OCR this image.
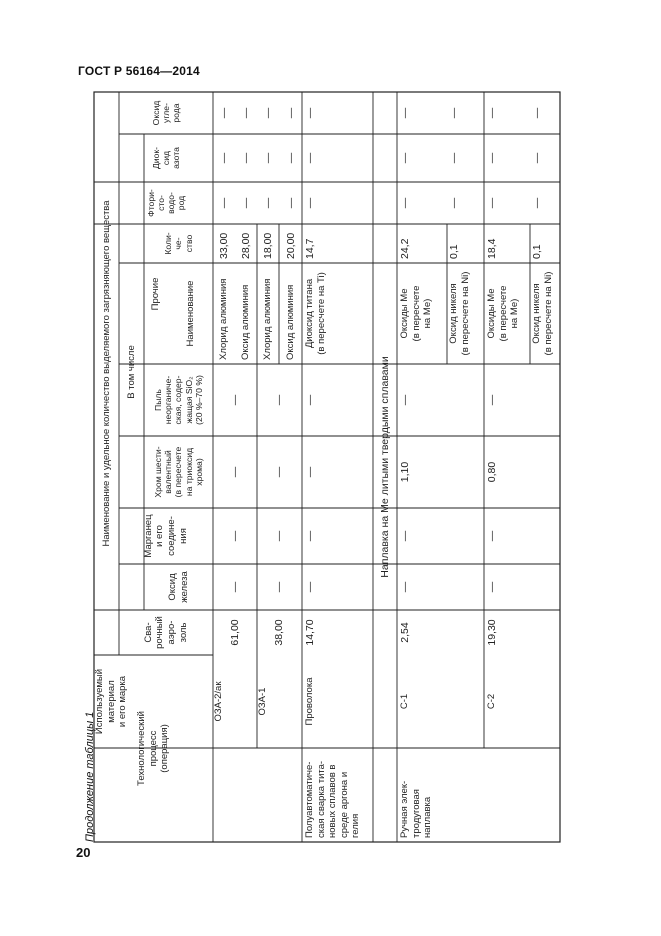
ГОСТ Р 56164—2014
20
Продолжение таблицы 1	Технологический
процесс
(операция)
Используемый
материал
и его марка
Наименование и удельное количество выделяемого загрязняющего вещества
Сва-
рочный
аэро-
золь
В том числе
Оксид
железа
Марганец
и его
соедине-
ния
Хром шести-
валентный
(в пересчете
на триоксид
хрома)
Пыль
неорганиче-
ская, содер-
жащая SiO₂
(20 %–70 %)
Прочие	Наименование
Коли-
че-
ство
Фтори-
сто-
водо-
род
Диок-
сид
азота
Оксид
угле-
рода
ОЗА-2/ак
61,00
—
—
—
—
Хлорид алюминия
33,00
—
—
—
Оксид алюминия
28,00
—
—
—
ОЗА-1
38,00
—
—
—
—
Хлорид алюминия
18,00
—
—
—
Оксид алюминия
20,00
—
—
—
Полуавтоматиче-
ская сварка тита-
новых сплавов в
среде аргона и
гелия
Проволока
14,70
—
—
—
—
Диоксид титана
(в пересчете на Ti)
14,7
—
—
—
Наплавка на Ме литыми твердыми сплавами
Ручная элек-
тродуговая
наплавка
С-1
2,54
—
—
1,10
—
Оксиды Ме
(в пересчете
на Ме)
24,2
—
—
—
Оксид никеля
(в пересчете на Ni)
0,1
—
—
—
С-2
19,30
—
—
0,80
—
Оксиды Ме
(в пересчете
на Ме)
18,4
—
—
—
Оксид никеля
(в пересчете на Ni)
0,1
—
—
—
